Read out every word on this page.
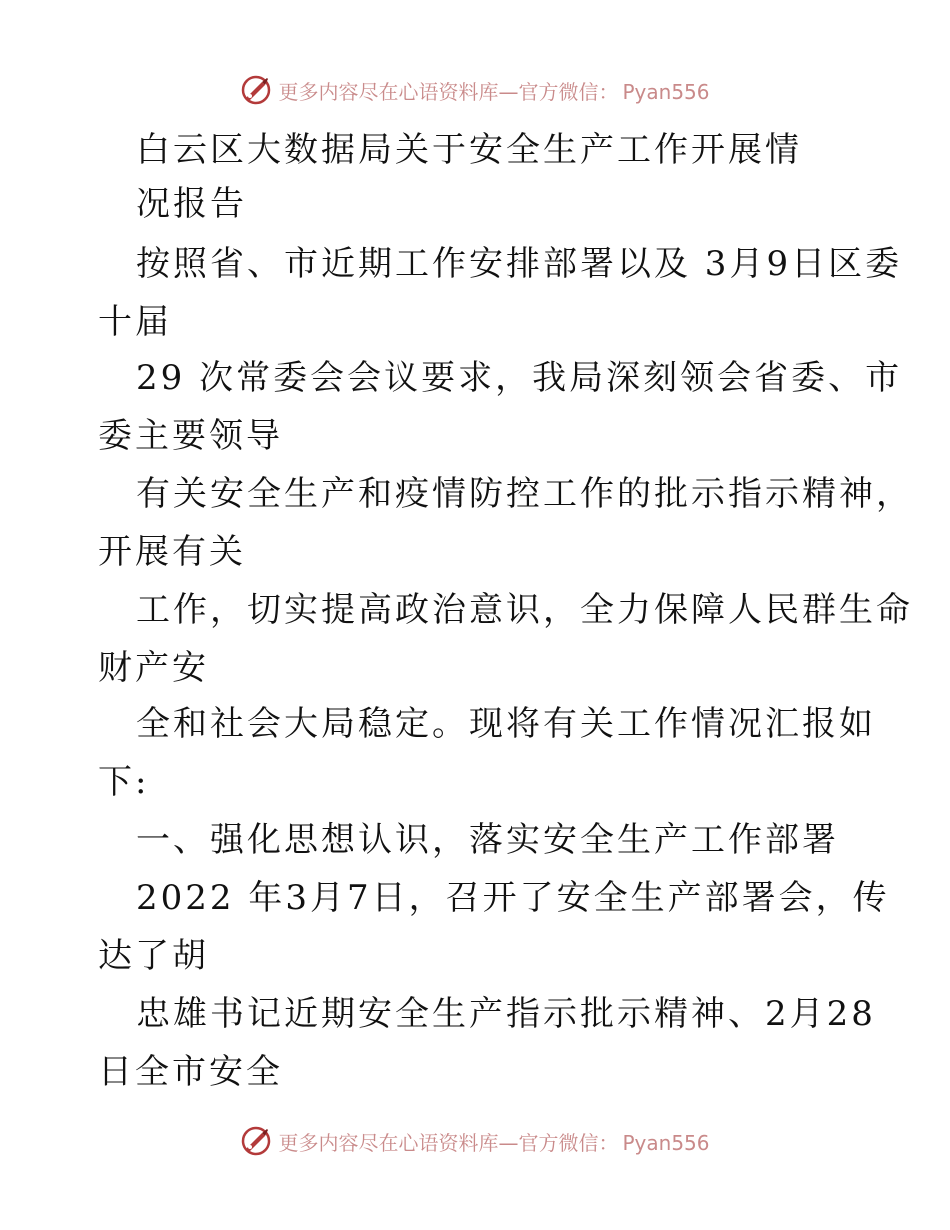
更多内容尽在心语资料库—官方微信： Pyan556
白云区大数据局关于安全生产工作开展情
况报告
按照省、市近期工作安排部署以及 3月9日区委
十届
29 次常委会会议要求，我局深刻领会省委、市
委主要领导
有关安全生产和疫情防控工作的批示指示精神，
开展有关
工作，切实提高政治意识，全力保障人民群生命
财产安
全和社会大局稳定。现将有关工作情况汇报如
下:
一、强化思想认识，落实安全生产工作部署
2022 年3月7日，召开了安全生产部署会，传
达了胡
忠雄书记近期安全生产指示批示精神、2月28
日全市安全
更多内容尽在心语资料库—官方微信： Pyan556
